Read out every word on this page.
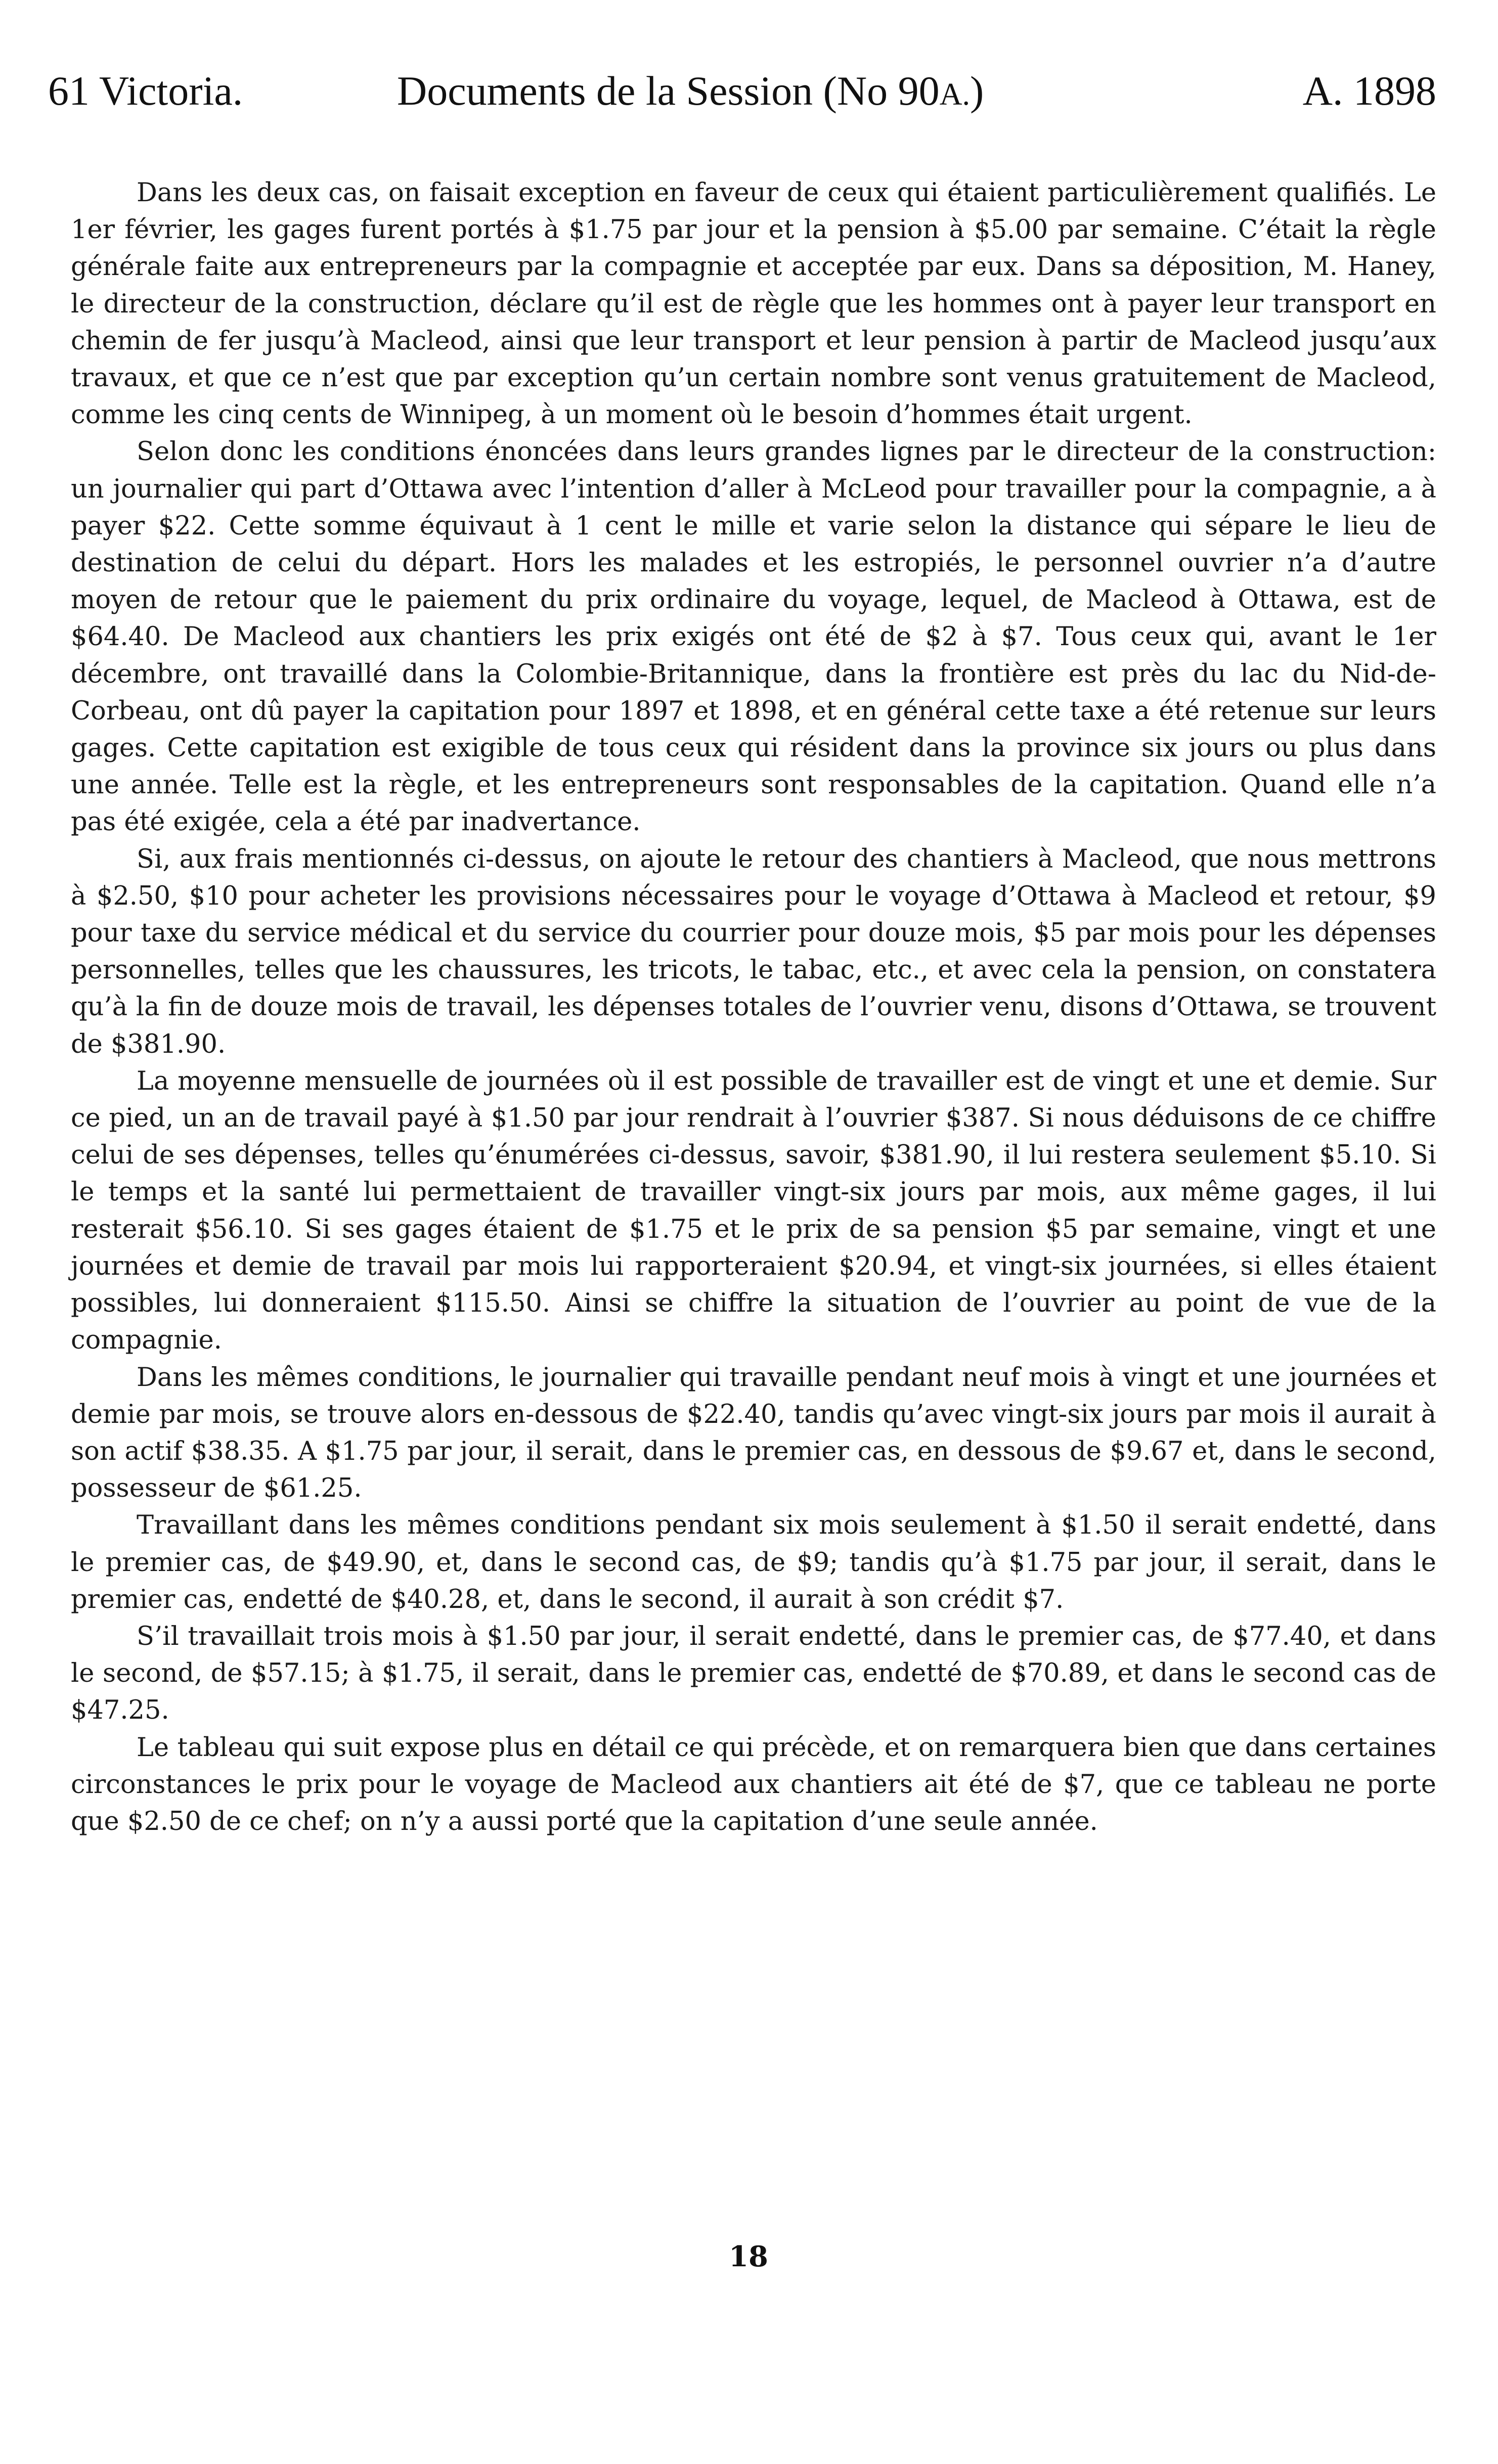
61 Victoria.	Documents de la Session (No 90A.)	A. 1898

Dans les deux cas, on faisait exception en faveur de ceux qui étaient particulièrement qualifiés. Le 1er février, les gages furent portés à $1.75 par jour et la pension à $5.00 par semaine. C’était la règle générale faite aux entrepreneurs par la compagnie et acceptée par eux. Dans sa déposition, M. Haney, le directeur de la construction, déclare qu’il est de règle que les hommes ont à payer leur transport en chemin de fer jusqu’à Macleod, ainsi que leur transport et leur pension à partir de Macleod jusqu’aux travaux, et que ce n’est que par exception qu’un certain nombre sont venus gratuitement de Macleod, comme les cinq cents de Winnipeg, à un moment où le besoin d’hommes était urgent.

Selon donc les conditions énoncées dans leurs grandes lignes par le directeur de la construction: un journalier qui part d’Ottawa avec l’intention d’aller à McLeod pour travailler pour la compagnie, a à payer $22. Cette somme équivaut à 1 cent le mille et varie selon la distance qui sépare le lieu de destination de celui du départ. Hors les malades et les estropiés, le personnel ouvrier n’a d’autre moyen de retour que le paiement du prix ordinaire du voyage, lequel, de Macleod à Ottawa, est de $64.40. De Macleod aux chantiers les prix exigés ont été de $2 à $7. Tous ceux qui, avant le 1er décembre, ont travaillé dans la Colombie-Britannique, dans la frontière est près du lac du Nid-de-Corbeau, ont dû payer la capitation pour 1897 et 1898, et en général cette taxe a été retenue sur leurs gages. Cette capitation est exigible de tous ceux qui résident dans la province six jours ou plus dans une année. Telle est la règle, et les entrepreneurs sont responsables de la capitation. Quand elle n’a pas été exigée, cela a été par inadvertance.

Si, aux frais mentionnés ci-dessus, on ajoute le retour des chantiers à Macleod, que nous mettrons à $2.50, $10 pour acheter les provisions nécessaires pour le voyage d’Ottawa à Macleod et retour, $9 pour taxe du service médical et du service du courrier pour douze mois, $5 par mois pour les dépenses personnelles, telles que les chaussures, les tricots, le tabac, etc., et avec cela la pension, on constatera qu’à la fin de douze mois de travail, les dépenses totales de l’ouvrier venu, disons d’Ottawa, se trouvent de $381.90.

La moyenne mensuelle de journées où il est possible de travailler est de vingt et une et demie. Sur ce pied, un an de travail payé à $1.50 par jour rendrait à l’ouvrier $387. Si nous déduisons de ce chiffre celui de ses dépenses, telles qu’énumérées ci-dessus, savoir, $381.90, il lui restera seulement $5.10. Si le temps et la santé lui permettaient de travailler vingt-six jours par mois, aux même gages, il lui resterait $56.10. Si ses gages étaient de $1.75 et le prix de sa pension $5 par semaine, vingt et une journées et demie de travail par mois lui rapporteraient $20.94, et vingt-six journées, si elles étaient possibles, lui donneraient $115.50. Ainsi se chiffre la situation de l’ouvrier au point de vue de la compagnie.

Dans les mêmes conditions, le journalier qui travaille pendant neuf mois à vingt et une journées et demie par mois, se trouve alors en-dessous de $22.40, tandis qu’avec vingt-six jours par mois il aurait à son actif $38.35. A $1.75 par jour, il serait, dans le premier cas, en dessous de $9.67 et, dans le second, possesseur de $61.25.

Travaillant dans les mêmes conditions pendant six mois seulement à $1.50 il serait endetté, dans le premier cas, de $49.90, et, dans le second cas, de $9; tandis qu’à $1.75 par jour, il serait, dans le premier cas, endetté de $40.28, et, dans le second, il aurait à son crédit $7.

S’il travaillait trois mois à $1.50 par jour, il serait endetté, dans le premier cas, de $77.40, et dans le second, de $57.15; à $1.75, il serait, dans le premier cas, endetté de $70.89, et dans le second cas de $47.25.

Le tableau qui suit expose plus en détail ce qui précède, et on remarquera bien que dans certaines circonstances le prix pour le voyage de Macleod aux chantiers ait été de $7, que ce tableau ne porte que $2.50 de ce chef; on n’y a aussi porté que la capitation d’une seule année.

18
